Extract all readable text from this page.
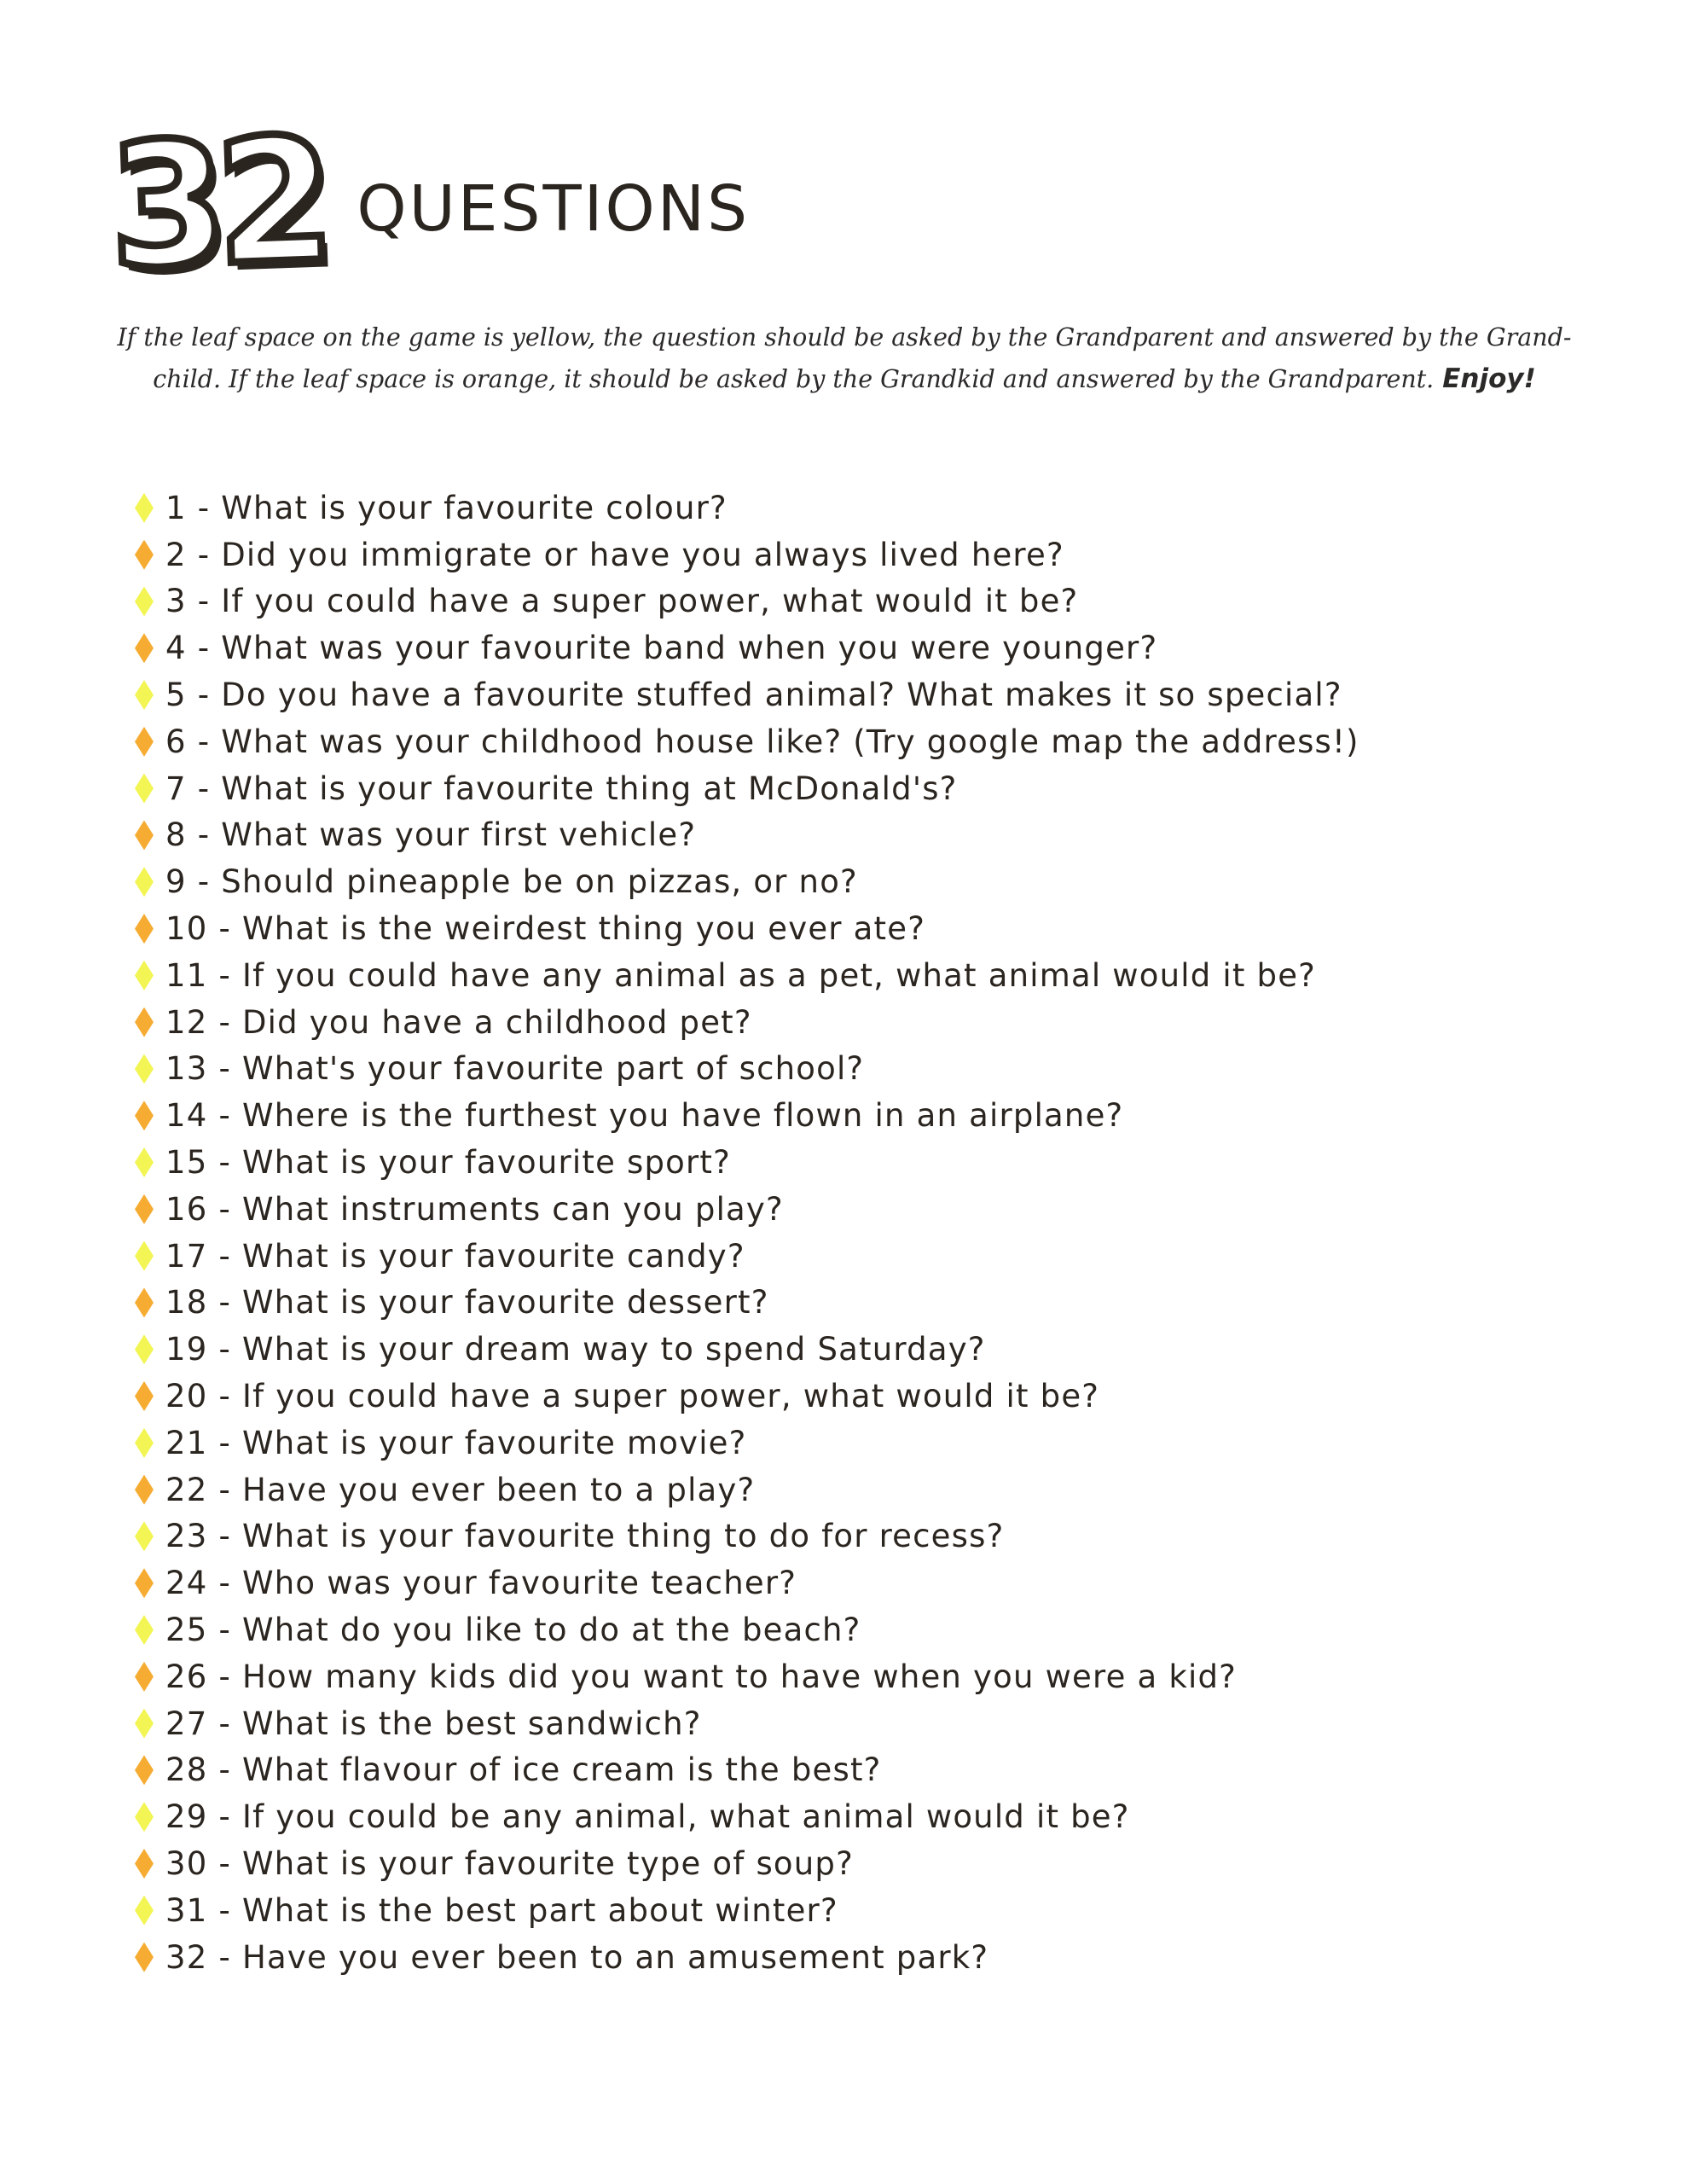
32 QUESTIONS
If the leaf space on the game is yellow, the question should be asked by the Grandparent and answered by the Grand-
child. If the leaf space is orange, it should be asked by the Grandkid and answered by the Grandparent. Enjoy!
1 - What is your favourite colour?
2 - Did you immigrate or have you always lived here?
3 - If you could have a super power, what would it be?
4 - What was your favourite band when you were younger?
5 - Do you have a favourite stuffed animal? What makes it so special?
6 - What was your childhood house like? (Try google map the address!)
7 - What is your favourite thing at McDonald's?
8 - What was your first vehicle?
9 - Should pineapple be on pizzas, or no?
10 - What is the weirdest thing you ever ate?
11 - If you could have any animal as a pet, what animal would it be?
12 - Did you have a childhood pet?
13 - What's your favourite part of school?
14 - Where is the furthest you have flown in an airplane?
15 - What is your favourite sport?
16 - What instruments can you play?
17 - What is your favourite candy?
18 - What is your favourite dessert?
19 - What is your dream way to spend Saturday?
20 - If you could have a super power, what would it be?
21 - What is your favourite movie?
22 - Have you ever been to a play?
23 - What is your favourite thing to do for recess?
24 - Who was your favourite teacher?
25 - What do you like to do at the beach?
26 - How many kids did you want to have when you were a kid?
27 - What is the best sandwich?
28 - What flavour of ice cream is the best?
29 - If you could be any animal, what animal would it be?
30 - What is your favourite type of soup?
31 - What is the best part about winter?
32 - Have you ever been to an amusement park?
